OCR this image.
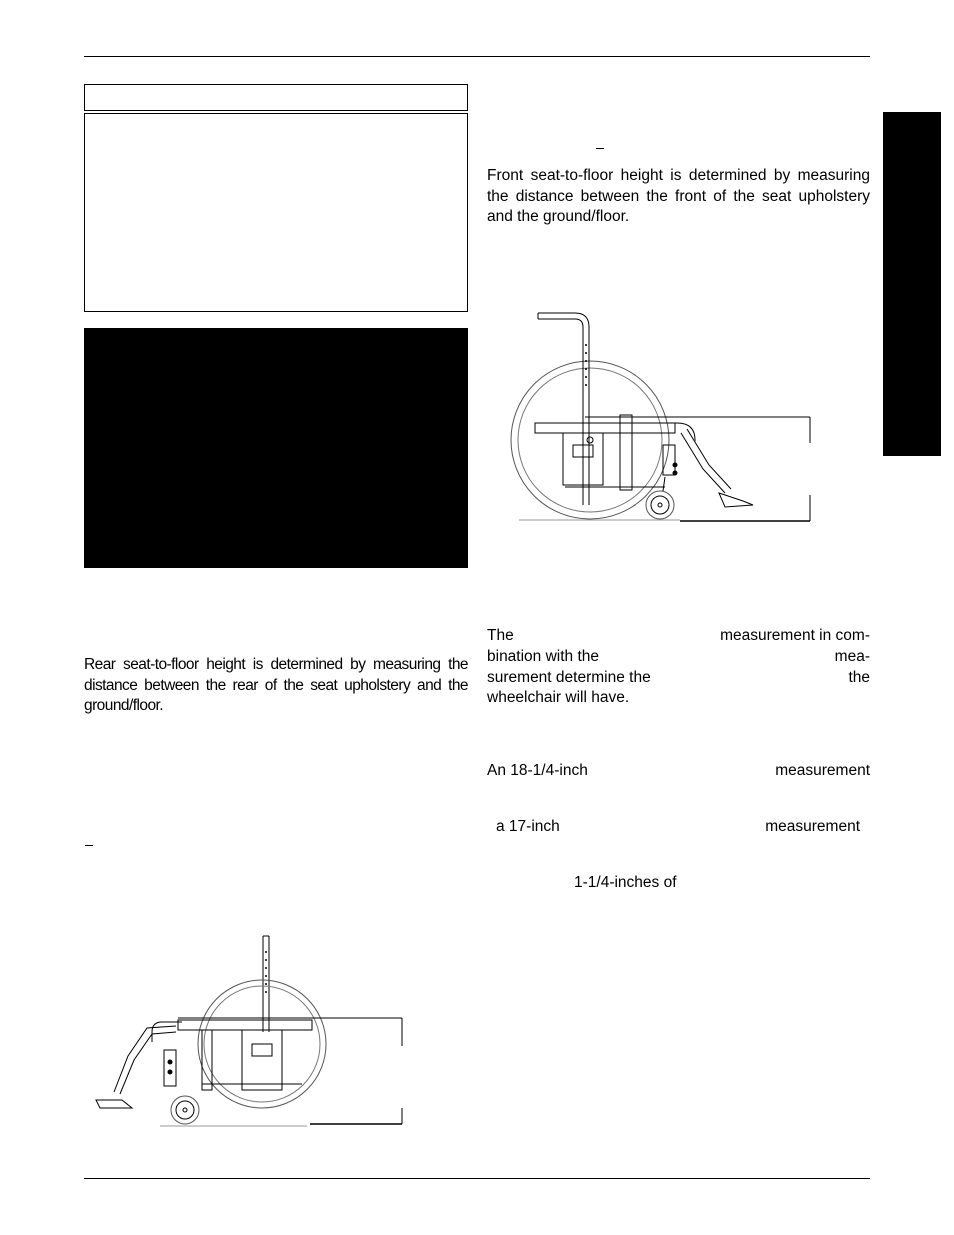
Rear seat-to-floor height is determined by measuring the distance between the rear of the seat upholstery and the ground/floor.

Front seat-to-floor height is determined by measuring the distance between the front of the seat upholstery and the ground/floor.

The	measurement in com-
bination with the	mea-
surement determine the	the
wheelchair will have.
An 18-1/4-inch	measurement
a 17-inch	measurement
1-1/4-inches of
